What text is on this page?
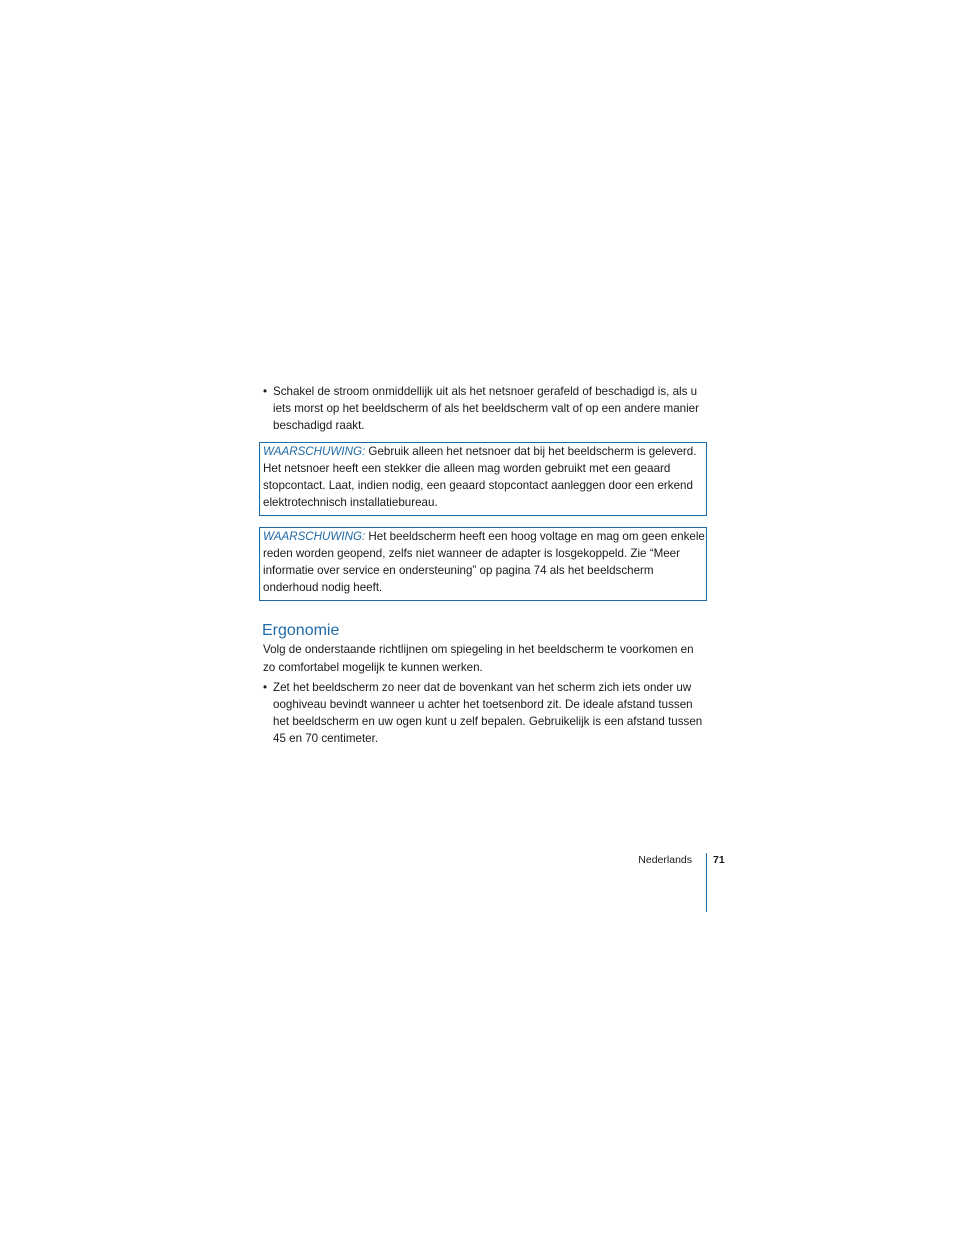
• Schakel de stroom onmiddellijk uit als het netsnoer gerafeld of beschadigd is, als u
iets morst op het beeldscherm of als het beeldscherm valt of op een andere manier
beschadigd raakt.
WAARSCHUWING: Gebruik alleen het netsnoer dat bij het beeldscherm is geleverd.
Het netsnoer heeft een stekker die alleen mag worden gebruikt met een geaard
stopcontact. Laat, indien nodig, een geaard stopcontact aanleggen door een erkend
elektrotechnisch installatiebureau.
WAARSCHUWING: Het beeldscherm heeft een hoog voltage en mag om geen enkele
reden worden geopend, zelfs niet wanneer de adapter is losgekoppeld. Zie “Meer
informatie over service en ondersteuning” op pagina 74 als het beeldscherm
onderhoud nodig heeft.
Ergonomie
Volg de onderstaande richtlijnen om spiegeling in het beeldscherm te voorkomen en
zo comfortabel mogelijk te kunnen werken.
• Zet het beeldscherm zo neer dat de bovenkant van het scherm zich iets onder uw
ooghiveau bevindt wanneer u achter het toetsenbord zit. De ideale afstand tussen
het beeldscherm en uw ogen kunt u zelf bepalen. Gebruikelijk is een afstand tussen
45 en 70 centimeter.
Nederlands 71
